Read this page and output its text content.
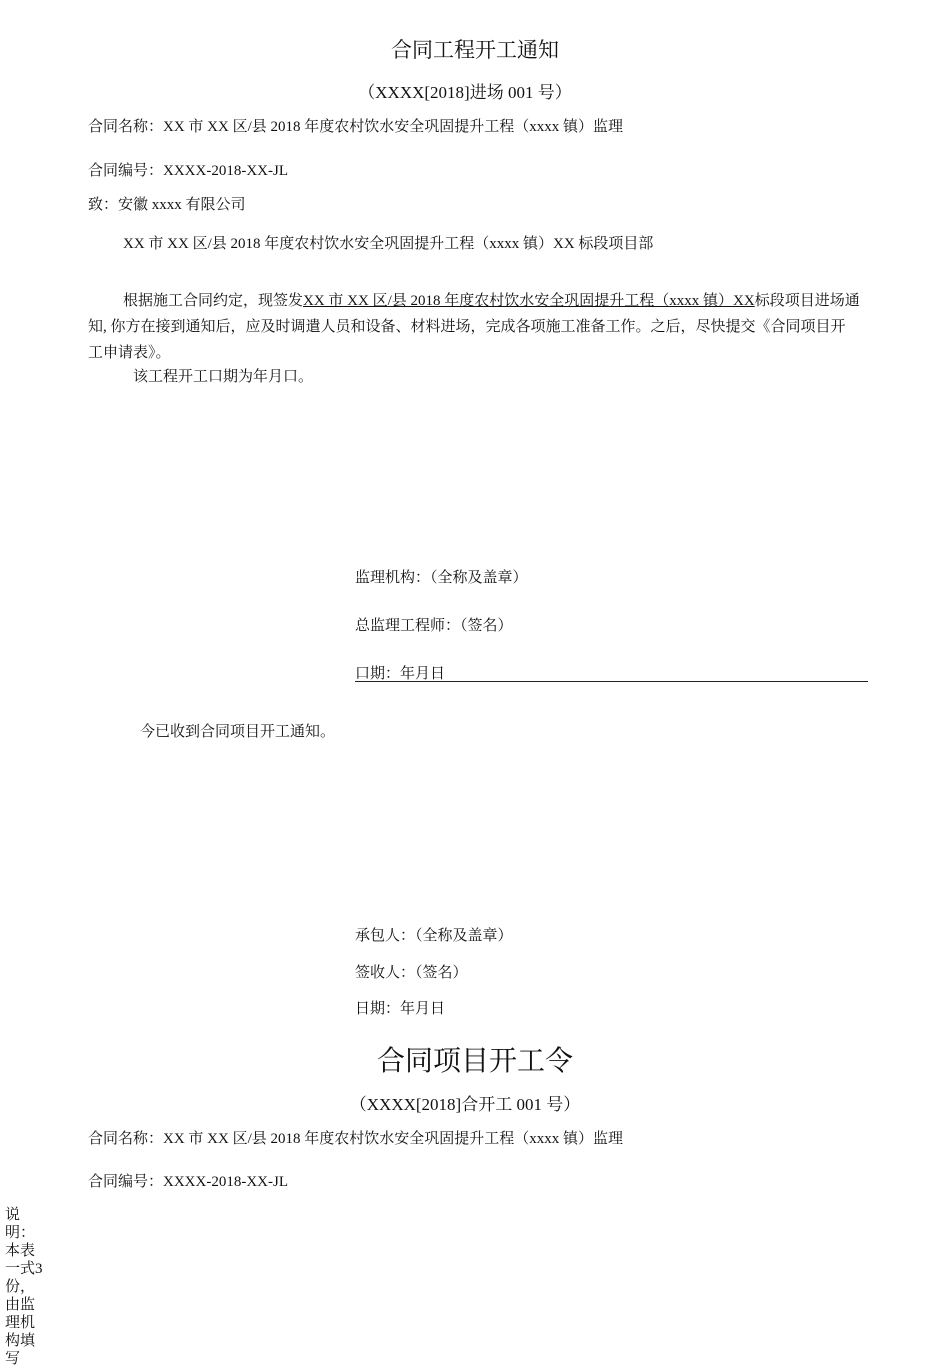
合同工程开工通知
（XXXX[2018]进场 001 号）
合同名称：XX 市 XX 区/县 2018 年度农村饮水安全巩固提升工程（xxxx 镇）监理
合同编号：XXXX-2018-XX-JL
致：安徽 xxxx 有限公司
XX 市 XX 区/县 2018 年度农村饮水安全巩固提升工程（xxxx 镇）XX 标段项目部
根据施工合同约定，现签发XX 市 XX 区/县 2018 年度农村饮水安全巩固提升工程（xxxx 镇）XX标段项目进场通知, 你方在接到通知后，应及时调遣人员和设备、材料进场，完成各项施工准备工作。之后，尽快提交《合同项目开工申请表》。
该工程开工口期为年月口。
监理机构：（全称及盖章）
总监理工程师：（签名）
口期：年月日
今已收到合同项目开工通知。
承包人：（全称及盖章）
签收人：（签名）
日期：年月日
合同项目开工令
（XXXX[2018]合开工 001 号）
合同名称：XX 市 XX 区/县 2018 年度农村饮水安全巩固提升工程（xxxx 镇）监理
合同编号：XXXX-2018-XX-JL
说明：本表一式3 份，由监理机构填写
